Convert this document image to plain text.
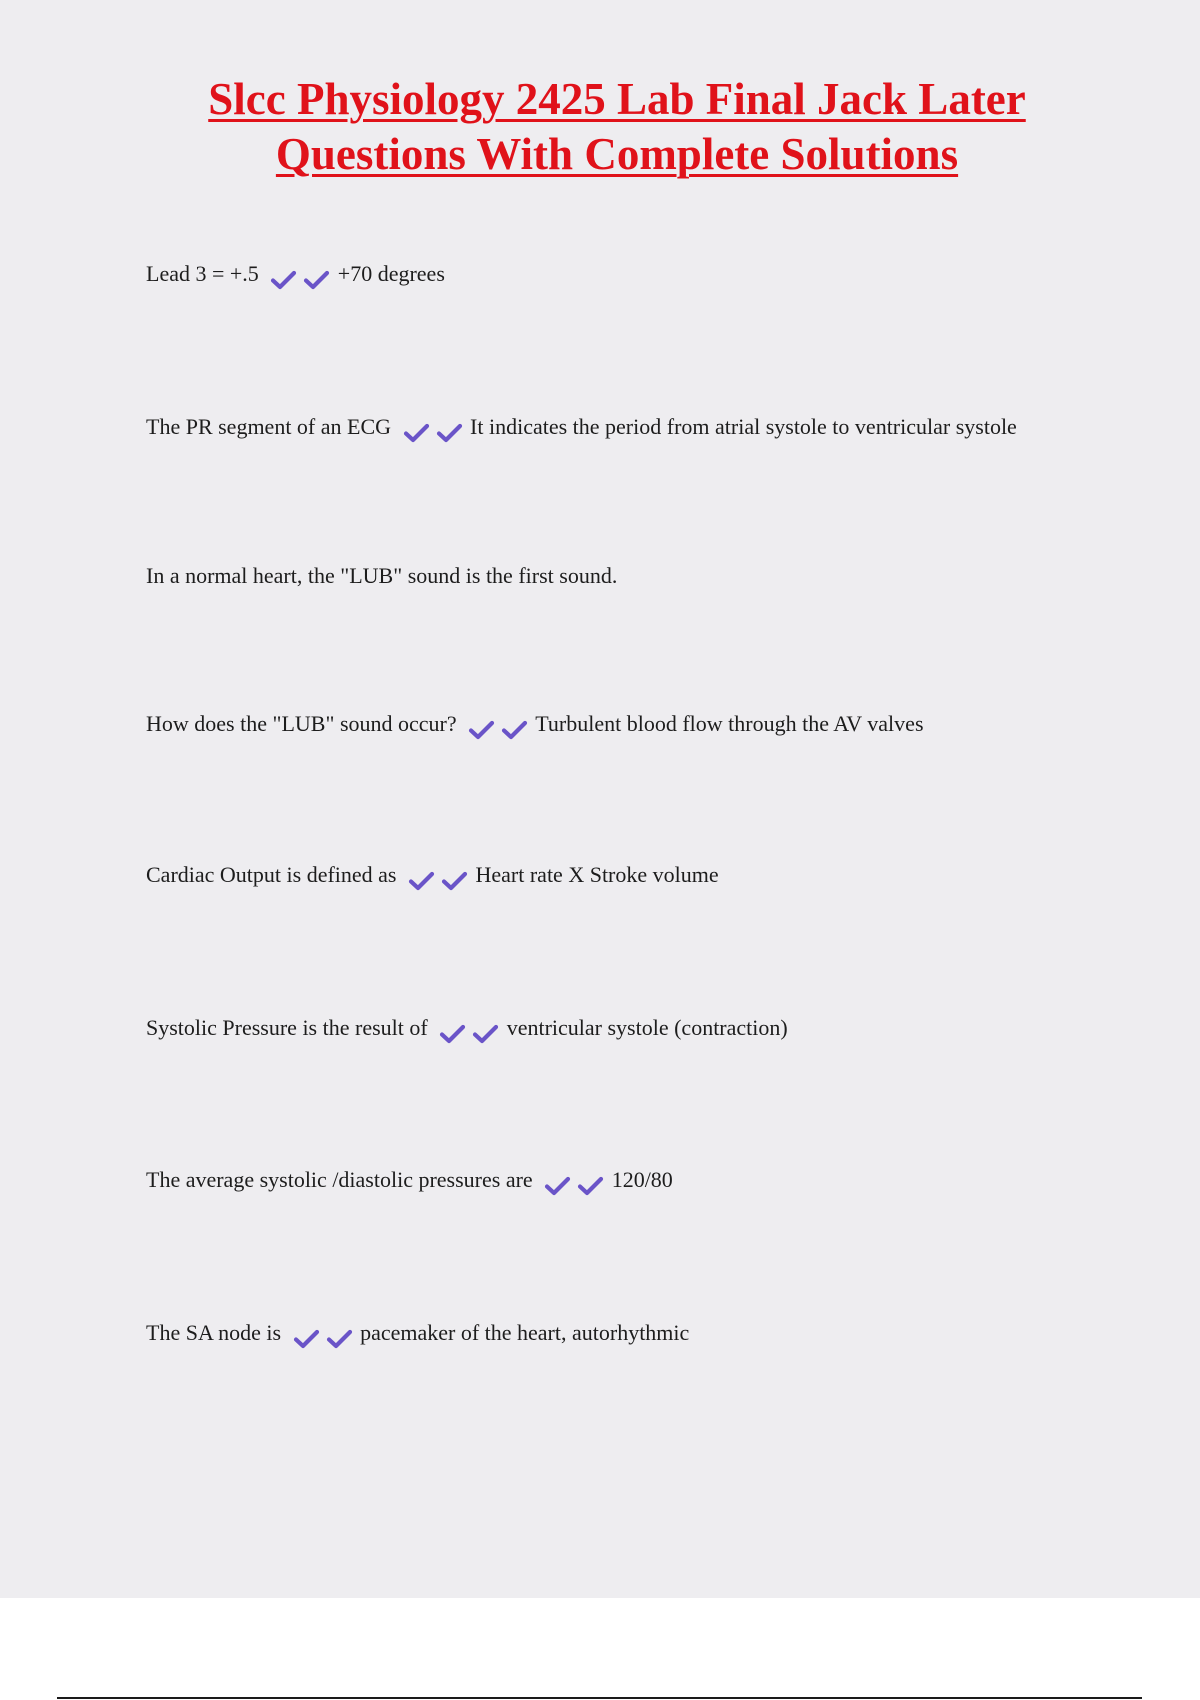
Slcc Physiology 2425 Lab Final Jack Later
Questions With Complete Solutions

Lead 3 = +.5	+70 degrees

The PR segment of an ECG	It indicates the period from atrial systole to ventricular systole

In a normal heart, the "LUB" sound is the first sound.

How does the "LUB" sound occur?	Turbulent blood flow through the AV valves

Cardiac Output is defined as	Heart rate X Stroke volume

Systolic Pressure is the result of	ventricular systole (contraction)

The average systolic /diastolic pressures are	120/80

The SA node is	pacemaker of the heart, autorhythmic
